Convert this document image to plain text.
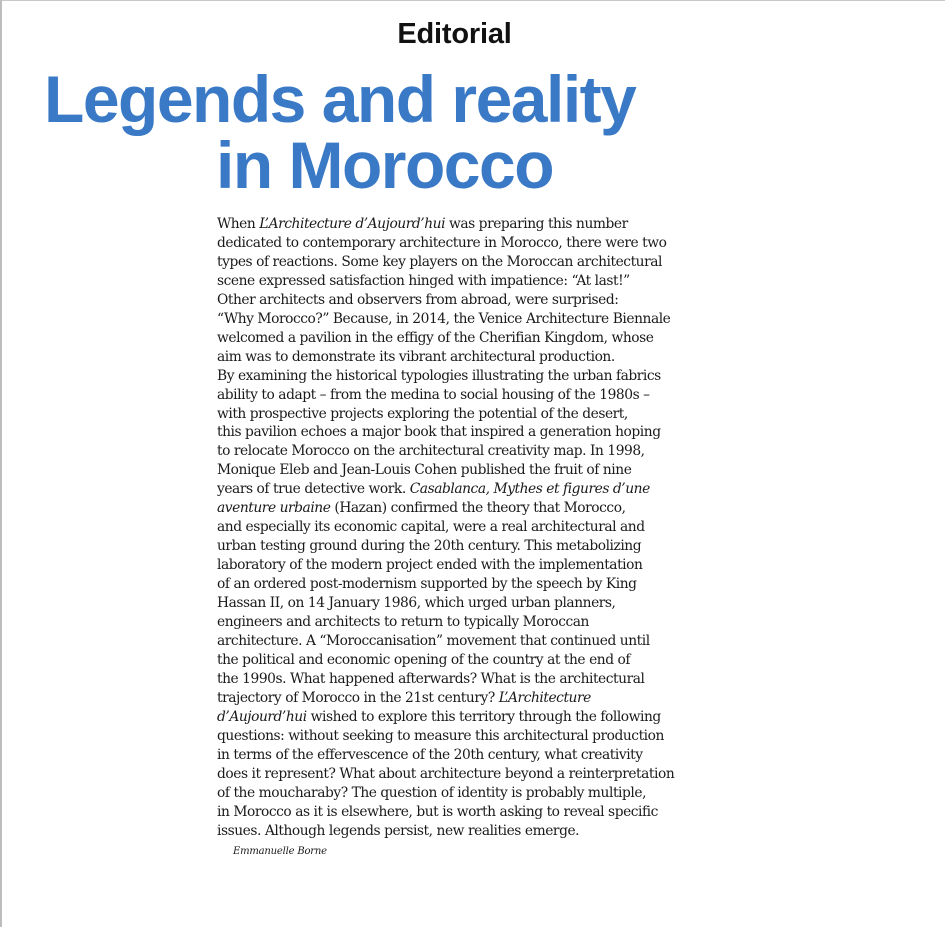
Editorial
Legends and reality
in Morocco
When L’Architecture d’Aujourd’hui was preparing this number
dedicated to contemporary architecture in Morocco, there were two
types of reactions. Some key players on the Moroccan architectural
scene expressed satisfaction hinged with impatience: “At last!”
Other architects and observers from abroad, were surprised:
“Why Morocco?” Because, in 2014, the Venice Architecture Biennale
welcomed a pavilion in the effigy of the Cherifian Kingdom, whose
aim was to demonstrate its vibrant architectural production.
By examining the historical typologies illustrating the urban fabrics
ability to adapt – from the medina to social housing of the 1980s –
with prospective projects exploring the potential of the desert,
this pavilion echoes a major book that inspired a generation hoping
to relocate Morocco on the architectural creativity map. In 1998,
Monique Eleb and Jean-Louis Cohen published the fruit of nine
years of true detective work. Casablanca, Mythes et figures d’une
aventure urbaine (Hazan) confirmed the theory that Morocco,
and especially its economic capital, were a real architectural and
urban testing ground during the 20th century. This metabolizing
laboratory of the modern project ended with the implementation
of an ordered post-modernism supported by the speech by King
Hassan II, on 14 January 1986, which urged urban planners,
engineers and architects to return to typically Moroccan
architecture. A “Moroccanisation” movement that continued until
the political and economic opening of the country at the end of
the 1990s. What happened afterwards? What is the architectural
trajectory of Morocco in the 21st century? L’Architecture
d’Aujourd’hui wished to explore this territory through the following
questions: without seeking to measure this architectural production
in terms of the effervescence of the 20th century, what creativity
does it represent? What about architecture beyond a reinterpretation
of the moucharaby? The question of identity is probably multiple,
in Morocco as it is elsewhere, but is worth asking to reveal specific
issues. Although legends persist, new realities emerge.
Emmanuelle Borne
